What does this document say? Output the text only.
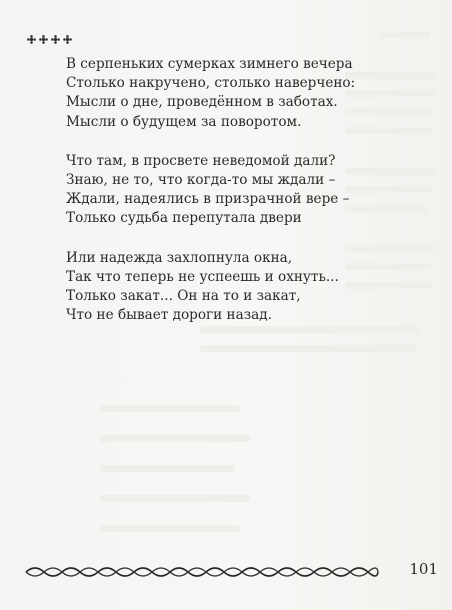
В серпеньких сумерках зимнего вечера
Столько накручено, столько наверчено:
Мысли о дне, проведённом в заботах.
Мысли о будущем за поворотом.
Что там, в просвете неведомой дали?
Знаю, не то, что когда-то мы ждали –
Ждали, надеялись в призрачной вере –
Только судьба перепутала двери
Или надежда захлопнула окна,
Так что теперь не успеешь и охнуть...
Только закат... Он на то и закат,
Что не бывает дороги назад.
101
